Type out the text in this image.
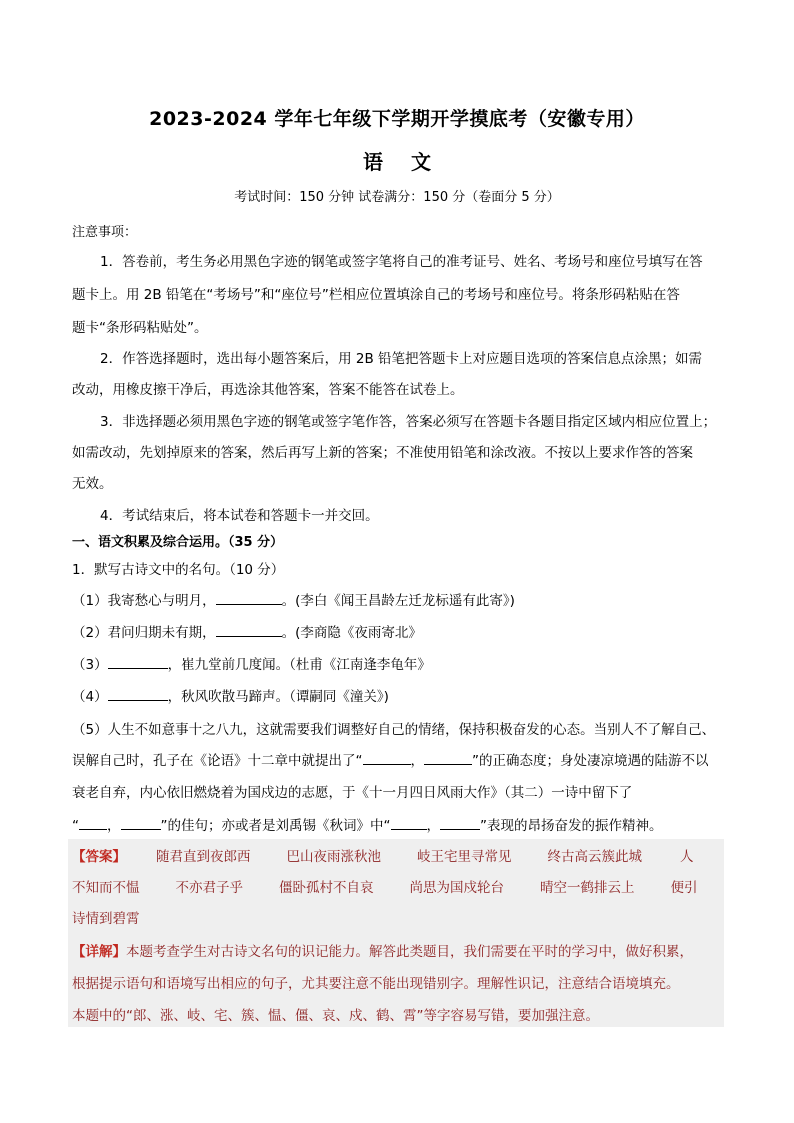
2023-2024 学年七年级下学期开学摸底考（安徽专用）
语 文
考试时间：150 分钟 试卷满分：150 分（卷面分 5 分）
注意事项：
1．答卷前，考生务必用黑色字迹的钢笔或签字笔将自己的准考证号、姓名、考场号和座位号填写在答
题卡上。用 2B 铅笔在“考场号”和“座位号”栏相应位置填涂自己的考场号和座位号。将条形码粘贴在答
题卡“条形码粘贴处”。
2．作答选择题时，选出每小题答案后，用 2B 铅笔把答题卡上对应题目选项的答案信息点涂黑；如需
改动，用橡皮擦干净后，再选涂其他答案，答案不能答在试卷上。
3．非选择题必须用黑色字迹的钢笔或签字笔作答，答案必须写在答题卡各题目指定区域内相应位置上；
如需改动，先划掉原来的答案，然后再写上新的答案；不准使用铅笔和涂改液。不按以上要求作答的答案
无效。
4．考试结束后，将本试卷和答题卡一并交回。
一、语文积累及综合运用。（35 分）
1．默写古诗文中的名句。（10 分）
（1）我寄愁心与明月，	。(李白《闻王昌龄左迁龙标遥有此寄》)
（2）君问归期未有期，	。(李商隐《夜雨寄北》
（3）	，崔九堂前几度闻。（杜甫《江南逢李龟年》
（4）	，秋风吹散马蹄声。（谭嗣同《潼关》)
（5）人生不如意事十之八九，这就需要我们调整好自己的情绪，保持积极奋发的心态。当别人不了解自己、
误解自己时，孔子在《论语》十二章中就提出了“	，	”的正确态度；身处凄凉境遇的陆游不以
衰老自弃，内心依旧燃烧着为国戍边的志愿，于《十一月四日风雨大作》（其二）一诗中留下了
“ ，	”的佳句；亦或者是刘禹锡《秋词》中“	，	”表现的昂扬奋发的振作精神。
【答案】 随君直到夜郎西	巴山夜雨涨秋池	岐王宅里寻常见	终古高云簇此城	人
不知而不愠	不亦君子乎	僵卧孤村不自哀	尚思为国戍轮台	晴空一鹤排云上	便引
诗情到碧霄
【详解】本题考查学生对古诗文名句的识记能力。解答此类题目，我们需要在平时的学习中，做好积累，
根据提示语句和语境写出相应的句子，尤其要注意不能出现错别字。理解性识记，注意结合语境填充。
本题中的“郎、涨、岐、宅、簇、愠、僵、哀、戍、鹤、霄”等字容易写错，要加强注意。
